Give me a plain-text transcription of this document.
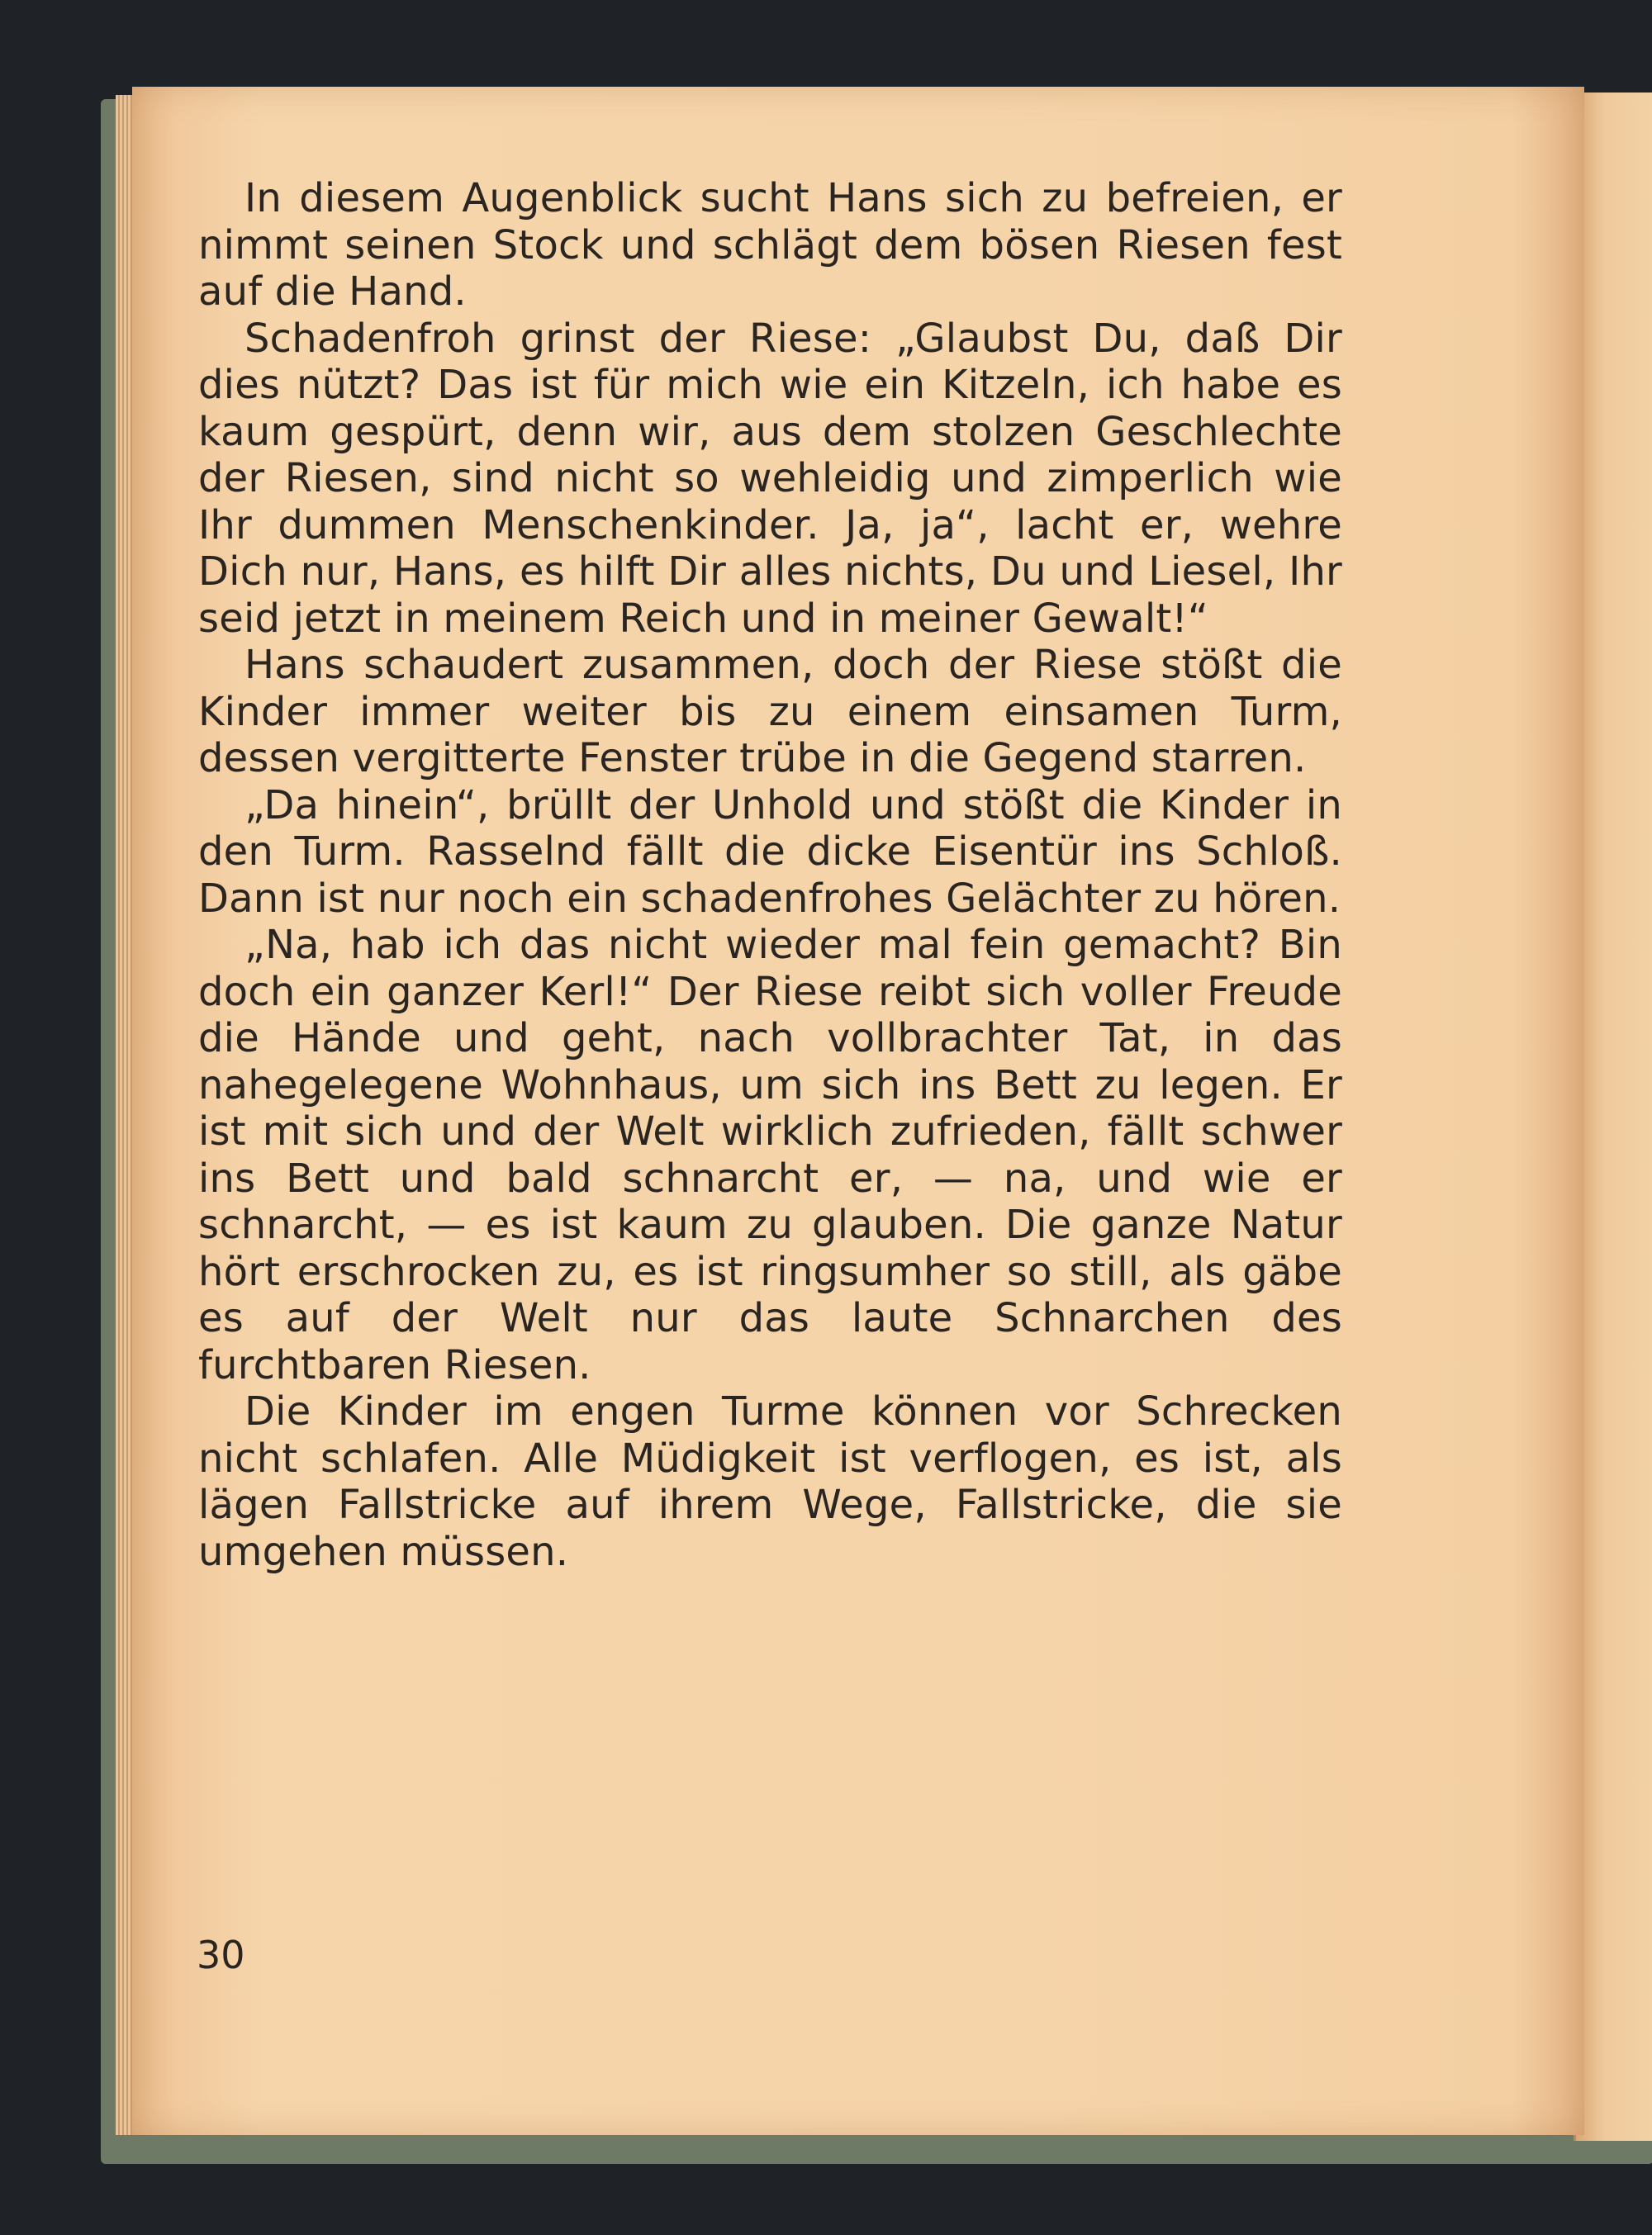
In diesem Augenblick sucht Hans sich zu befreien, er nimmt seinen Stock und schlägt dem bösen Riesen fest auf die Hand.

Schadenfroh grinst der Riese: „Glaubst Du, daß Dir dies nützt? Das ist für mich wie ein Kitzeln, ich habe es kaum gespürt, denn wir, aus dem stolzen Geschlechte der Riesen, sind nicht so wehleidig und zimperlich wie Ihr dummen Menschenkinder. Ja, ja“, lacht er, wehre Dich nur, Hans, es hilft Dir alles nichts, Du und Liesel, Ihr seid jetzt in meinem Reich und in meiner Gewalt!“

Hans schaudert zusammen, doch der Riese stößt die Kinder immer weiter bis zu einem einsamen Turm, dessen vergitterte Fenster trübe in die Gegend starren.

„Da hinein“, brüllt der Unhold und stößt die Kinder in den Turm. Rasselnd fällt die dicke Eisentür ins Schloß. Dann ist nur noch ein schadenfrohes Gelächter zu hören.

„Na, hab ich das nicht wieder mal fein gemacht? Bin doch ein ganzer Kerl!“ Der Riese reibt sich voller Freude die Hände und geht, nach vollbrachter Tat, in das nahegelegene Wohnhaus, um sich ins Bett zu legen. Er ist mit sich und der Welt wirklich zufrieden, fällt schwer ins Bett und bald schnarcht er, — na, und wie er schnarcht, — es ist kaum zu glauben. Die ganze Natur hört erschrocken zu, es ist ringsumher so still, als gäbe es auf der Welt nur das laute Schnarchen des furchtbaren Riesen.

Die Kinder im engen Turme können vor Schrecken nicht schlafen. Alle Müdigkeit ist verflogen, es ist, als lägen Fallstricke auf ihrem Wege, Fallstricke, die sie umgehen müssen.

30
